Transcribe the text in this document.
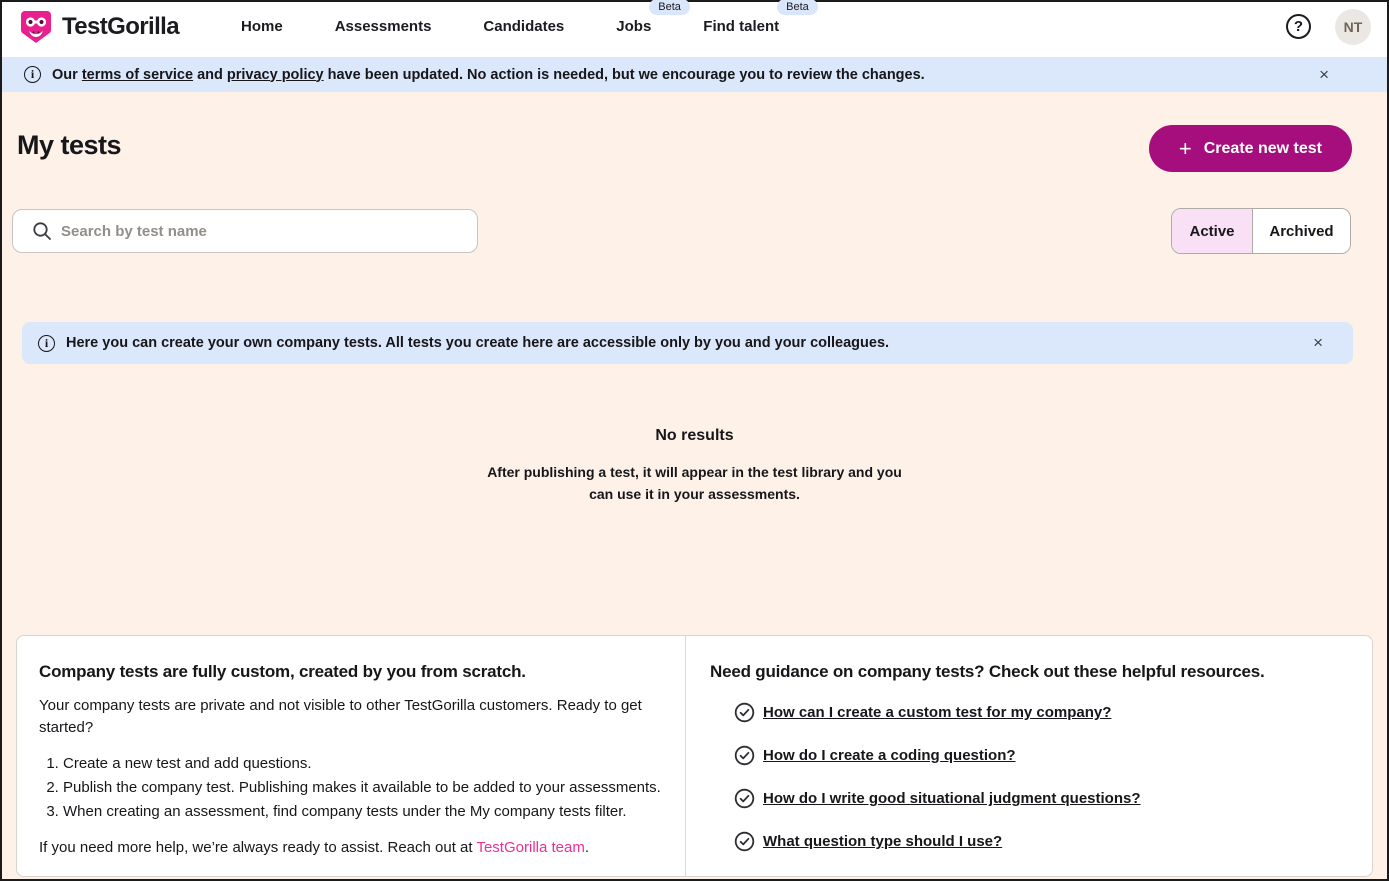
TestGorilla	Home	Assessments	Candidates	Jobs
Beta
Find talent
Beta
?	NT
i	Our terms of service and privacy policy have been updated. No action is needed, but we encourage you to review the changes.	×
My tests	+ Create new test
Search by test name
Active	Archived
i	Here you can create your own company tests. All tests you create here are accessible only by you and your colleagues.	×
No results
After publishing a test, it will appear in the test library and you
can use it in your assessments.
Company tests are fully custom, created by you from scratch.

Your company tests are private and not visible to other TestGorilla customers. Ready to get started?

1. Create a new test and add questions.
2. Publish the company test. Publishing makes it available to be added to your assessments.
3. When creating an assessment, find company tests under the My company tests filter.

If you need more help, we’re always ready to assist. Reach out at TestGorilla team.

Need guidance on company tests? Check out these helpful resources.
How can I create a custom test for my company?
How do I create a coding question?
How do I write good situational judgment questions?
What question type should I use?
